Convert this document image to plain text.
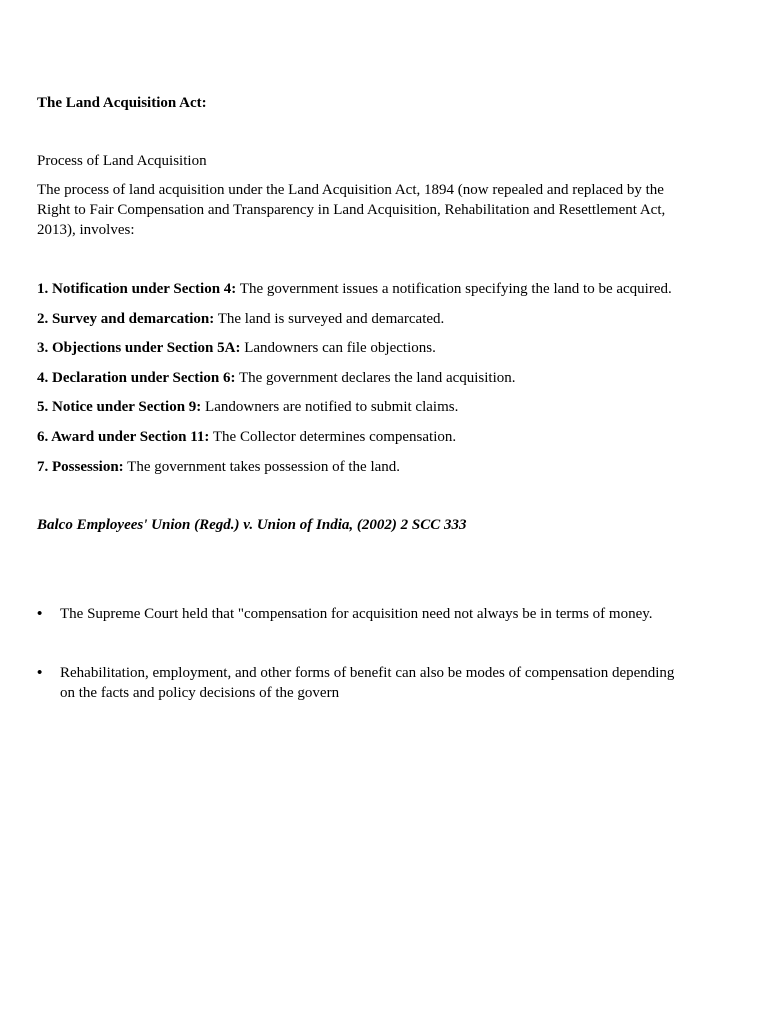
The Land Acquisition Act:
Process of Land Acquisition
The process of land acquisition under the Land Acquisition Act, 1894 (now repealed and replaced by the Right to Fair Compensation and Transparency in Land Acquisition, Rehabilitation and Resettlement Act, 2013), involves:
1. Notification under Section 4: The government issues a notification specifying the land to be acquired.
2. Survey and demarcation: The land is surveyed and demarcated.
3. Objections under Section 5A: Landowners can file objections.
4. Declaration under Section 6: The government declares the land acquisition.
5. Notice under Section 9: Landowners are notified to submit claims.
6. Award under Section 11: The Collector determines compensation.
7. Possession: The government takes possession of the land.
Balco Employees' Union (Regd.) v. Union of India, (2002) 2 SCC 333
• The Supreme Court held that "compensation for acquisition need not always be in terms of money.
• Rehabilitation, employment, and other forms of benefit can also be modes of compensation depending on the facts and policy decisions of the govern
